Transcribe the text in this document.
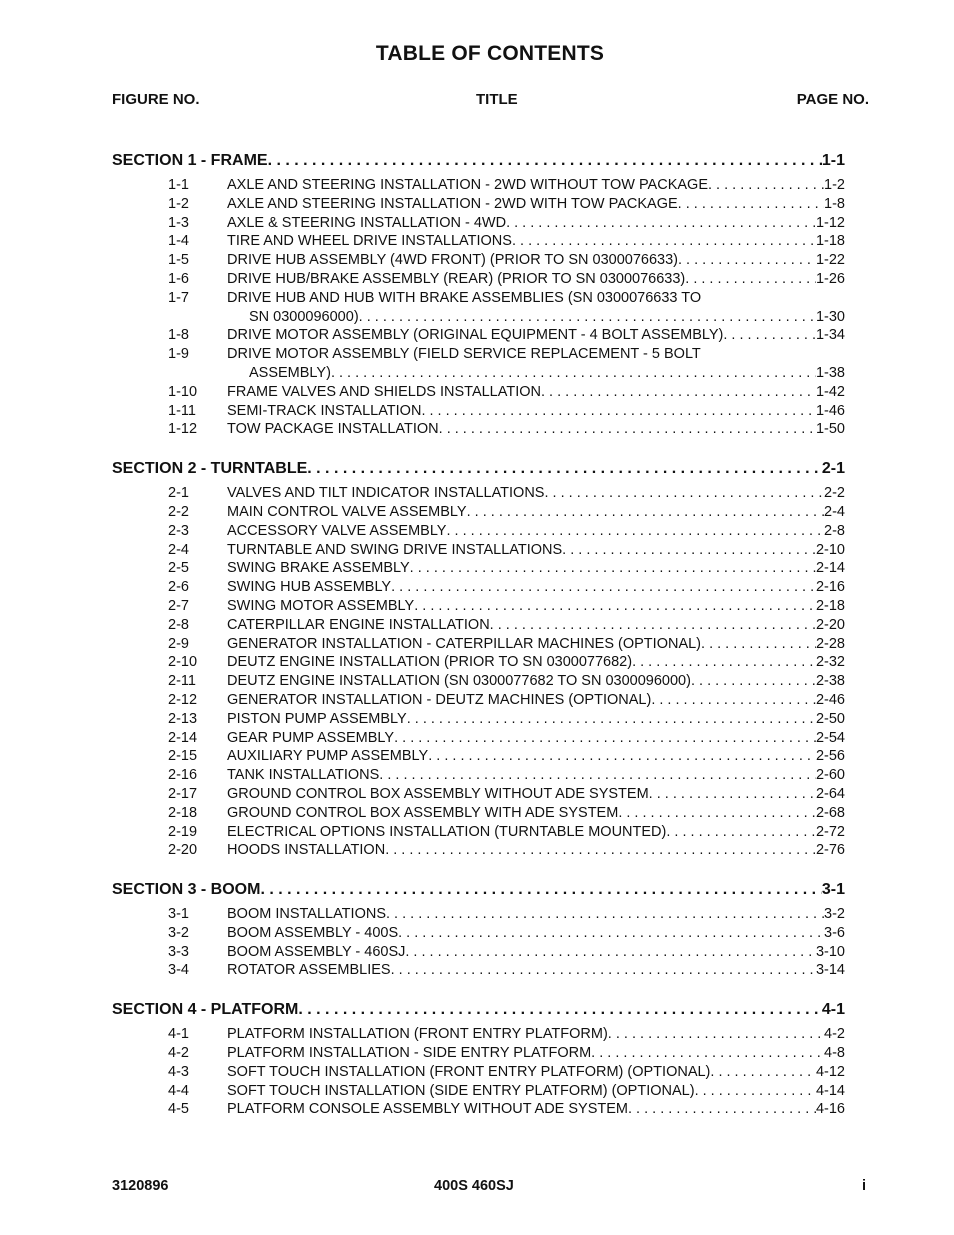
TABLE OF CONTENTS
FIGURE NO.	TITLE	PAGE NO.
SECTION 1 - FRAME . . .	1-1
1-1	AXLE AND STEERING INSTALLATION - 2WD WITHOUT TOW PACKAGE . . .	1-2
1-2	AXLE AND STEERING INSTALLATION - 2WD WITH TOW PACKAGE . . .	1-8
1-3	AXLE & STEERING INSTALLATION - 4WD . . .	1-12
1-4	TIRE AND WHEEL DRIVE INSTALLATIONS . . .	1-18
1-5	DRIVE HUB ASSEMBLY (4WD FRONT) (PRIOR TO SN 0300076633) . . .	1-22
1-6	DRIVE HUB/BRAKE ASSEMBLY (REAR) (PRIOR TO SN 0300076633) . . .	1-26
1-7	DRIVE HUB AND HUB WITH BRAKE ASSEMBLIES (SN 0300076633 TO
SN 0300096000) . . .	1-30
1-8	DRIVE MOTOR ASSEMBLY (ORIGINAL EQUIPMENT - 4 BOLT ASSEMBLY) . . .	1-34
1-9	DRIVE MOTOR ASSEMBLY (FIELD SERVICE REPLACEMENT - 5 BOLT
ASSEMBLY) . . .	1-38
1-10	FRAME VALVES AND SHIELDS INSTALLATION . . .	1-42
1-11	SEMI-TRACK INSTALLATION . . .	1-46
1-12	TOW PACKAGE INSTALLATION . . .	1-50
SECTION 2 - TURNTABLE . . .	2-1
2-1	VALVES AND TILT INDICATOR INSTALLATIONS . . .	2-2
2-2	MAIN CONTROL VALVE ASSEMBLY . . .	2-4
2-3	ACCESSORY VALVE ASSEMBLY . . .	2-8
2-4	TURNTABLE AND SWING DRIVE INSTALLATIONS . . .	2-10
2-5	SWING BRAKE ASSEMBLY . . .	2-14
2-6	SWING HUB ASSEMBLY . . .	2-16
2-7	SWING MOTOR ASSEMBLY . . .	2-18
2-8	CATERPILLAR ENGINE INSTALLATION . . .	2-20
2-9	GENERATOR INSTALLATION - CATERPILLAR MACHINES (OPTIONAL) . . .	2-28
2-10	DEUTZ ENGINE INSTALLATION (PRIOR TO SN 0300077682) . . .	2-32
2-11	DEUTZ ENGINE INSTALLATION (SN 0300077682 TO SN 0300096000) . . .	2-38
2-12	GENERATOR INSTALLATION - DEUTZ MACHINES (OPTIONAL) . . .	2-46
2-13	PISTON PUMP ASSEMBLY . . .	2-50
2-14	GEAR PUMP ASSEMBLY . . .	2-54
2-15	AUXILIARY PUMP ASSEMBLY . . .	2-56
2-16	TANK INSTALLATIONS . . .	2-60
2-17	GROUND CONTROL BOX ASSEMBLY WITHOUT ADE SYSTEM . . .	2-64
2-18	GROUND CONTROL BOX ASSEMBLY WITH ADE SYSTEM . . .	2-68
2-19	ELECTRICAL OPTIONS INSTALLATION (TURNTABLE MOUNTED) . . .	2-72
2-20	HOODS INSTALLATION . . .	2-76
SECTION 3 - BOOM . . .	3-1
3-1	BOOM INSTALLATIONS . . .	3-2
3-2	BOOM ASSEMBLY - 400S . . .	3-6
3-3	BOOM ASSEMBLY - 460SJ . . .	3-10
3-4	ROTATOR ASSEMBLIES . . .	3-14
SECTION 4 - PLATFORM . . .	4-1
4-1	PLATFORM INSTALLATION (FRONT ENTRY PLATFORM) . . .	4-2
4-2	PLATFORM INSTALLATION - SIDE ENTRY PLATFORM . . .	4-8
4-3	SOFT TOUCH INSTALLATION (FRONT ENTRY PLATFORM) (OPTIONAL) . . .	4-12
4-4	SOFT TOUCH INSTALLATION (SIDE ENTRY PLATFORM) (OPTIONAL) . . .	4-14
4-5	PLATFORM CONSOLE ASSEMBLY WITHOUT ADE SYSTEM . . .	4-16
3120896	400S 460SJ	i
